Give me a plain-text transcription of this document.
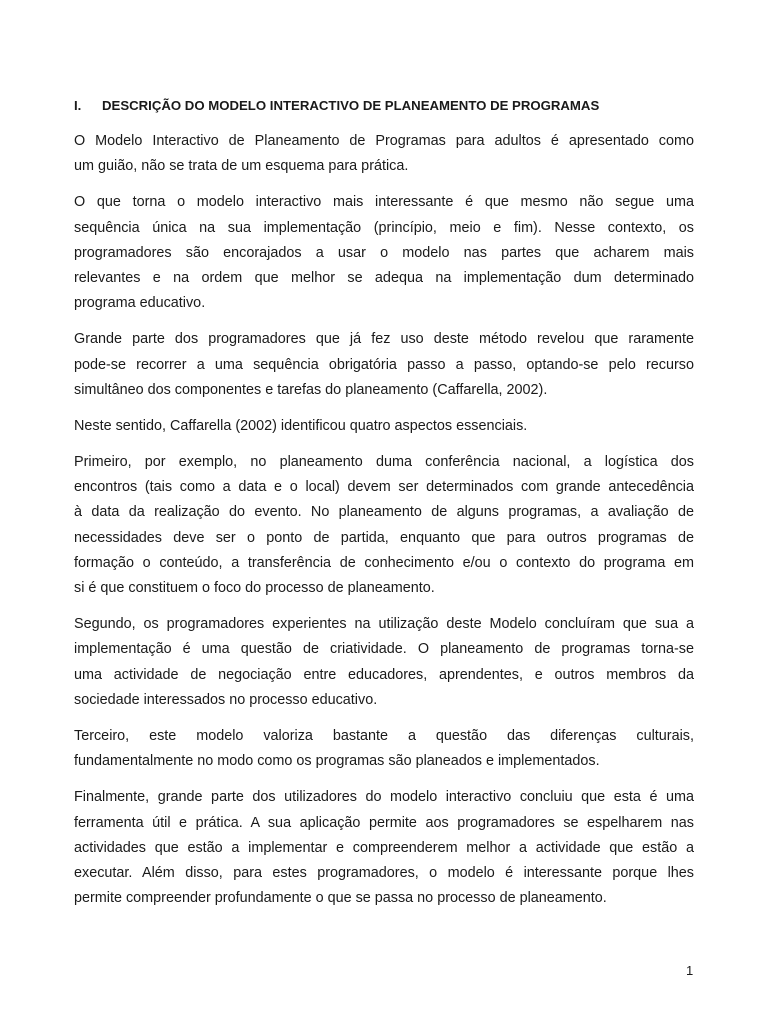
I.	DESCRIÇÃO DO MODELO INTERACTIVO DE PLANEAMENTO DE PROGRAMAS
O Modelo Interactivo de Planeamento de Programas para adultos é apresentado como
um guião, não se trata de um esquema para prática.
O que torna o modelo interactivo mais interessante é que mesmo não segue uma
sequência única na sua implementação (princípio, meio e fim). Nesse contexto, os
programadores são encorajados a usar o modelo nas partes que acharem mais
relevantes e na ordem que melhor se adequa na implementação dum determinado
programa educativo.
Grande parte dos programadores que já fez uso deste método revelou que raramente
pode-se recorrer a uma sequência obrigatória passo a passo, optando-se pelo recurso
simultâneo dos componentes e tarefas do planeamento (Caffarella, 2002).
Neste sentido, Caffarella (2002) identificou quatro aspectos essenciais.
Primeiro, por exemplo, no planeamento duma conferência nacional, a logística dos
encontros (tais como a data e o local) devem ser determinados com grande antecedência
à data da realização do evento. No planeamento de alguns programas, a avaliação de
necessidades deve ser o ponto de partida, enquanto que para outros programas de
formação o conteúdo, a transferência de conhecimento e/ou o contexto do programa em
si é que constituem o foco do processo de planeamento.
Segundo, os programadores experientes na utilização deste Modelo concluíram que sua a
implementação é uma questão de criatividade. O planeamento de programas torna-se
uma actividade de negociação entre educadores, aprendentes, e outros membros da
sociedade interessados no processo educativo.
Terceiro, este modelo valoriza bastante a questão das diferenças culturais,
fundamentalmente no modo como os programas são planeados e implementados.
Finalmente, grande parte dos utilizadores do modelo interactivo concluiu que esta é uma
ferramenta útil e prática. A sua aplicação permite aos programadores se espelharem nas
actividades que estão a implementar e compreenderem melhor a actividade que estão a
executar. Além disso, para estes programadores, o modelo é interessante porque lhes
permite compreender profundamente o que se passa no processo de planeamento.
1
